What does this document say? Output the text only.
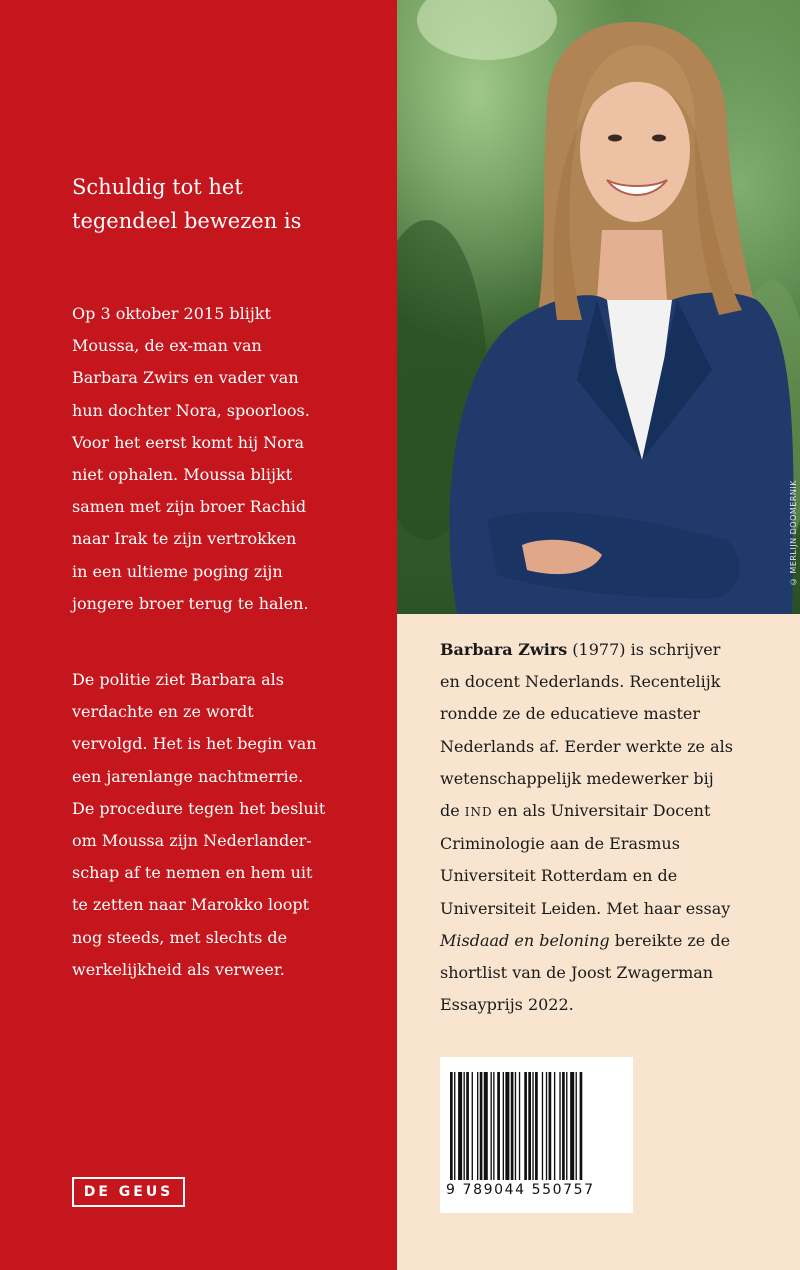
Schuldig tot het
tegendeel bewezen is

Op 3 oktober 2015 blijkt

Moussa, de ex-man van

Barbara Zwirs en vader van

hun dochter Nora, spoorloos.

Voor het eerst komt hij Nora

niet ophalen. Moussa blijkt

samen met zijn broer Rachid

naar Irak te zijn vertrokken

in een ultieme poging zijn

jongere broer terug te halen.

De politie ziet Barbara als

verdachte en ze wordt

vervolgd. Het is het begin van

een jarenlange nachtmerrie.

De procedure tegen het besluit

om Moussa zijn Nederlander-

schap af te nemen en hem uit

te zetten naar Marokko loopt

nog steeds, met slechts de

werkelijkheid als verweer.

DE GEUS
© MERLIJN DOOMERNIK
Barbara Zwirs (1977) is schrijver
en docent Nederlands. Recentelijk
rondde ze de educatieve master
Nederlands af. Eerder werkte ze als
wetenschappelijk medewerker bij
de IND en als Universitair Docent
Criminologie aan de Erasmus
Universiteit Rotterdam en de
Universiteit Leiden. Met haar essay
Misdaad en beloning bereikte ze de
shortlist van de Joost Zwagerman
Essayprijs 2022.
9 789044 550757
